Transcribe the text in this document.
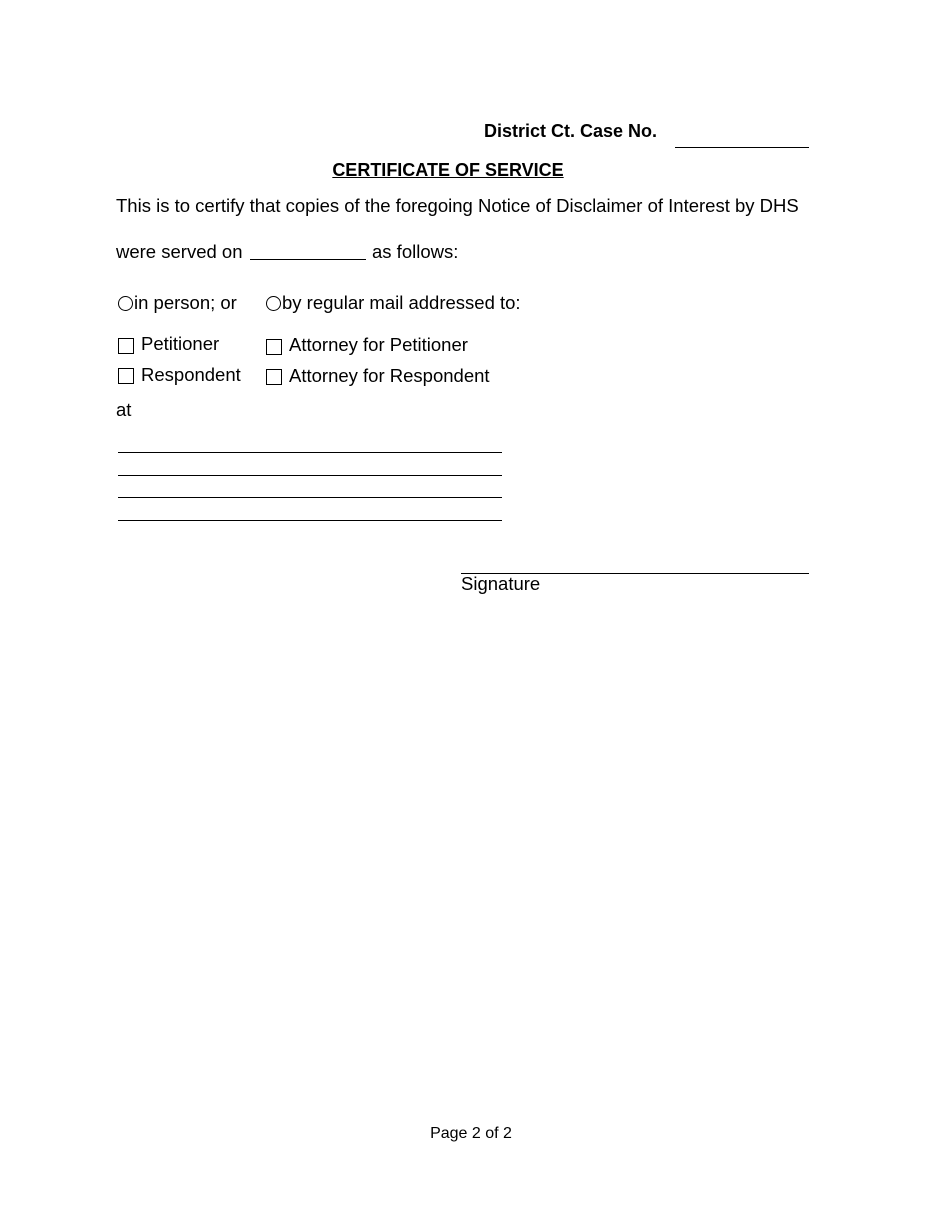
District Ct. Case No.
CERTIFICATE OF SERVICE
This is to certify that copies of the foregoing Notice of Disclaimer of Interest by DHS
were served on	as follows:
in person; or by regular mail addressed to:
Petitioner	Attorney for Petitioner
Respondent	Attorney for Respondent
at
Signature
Page 2 of 2
